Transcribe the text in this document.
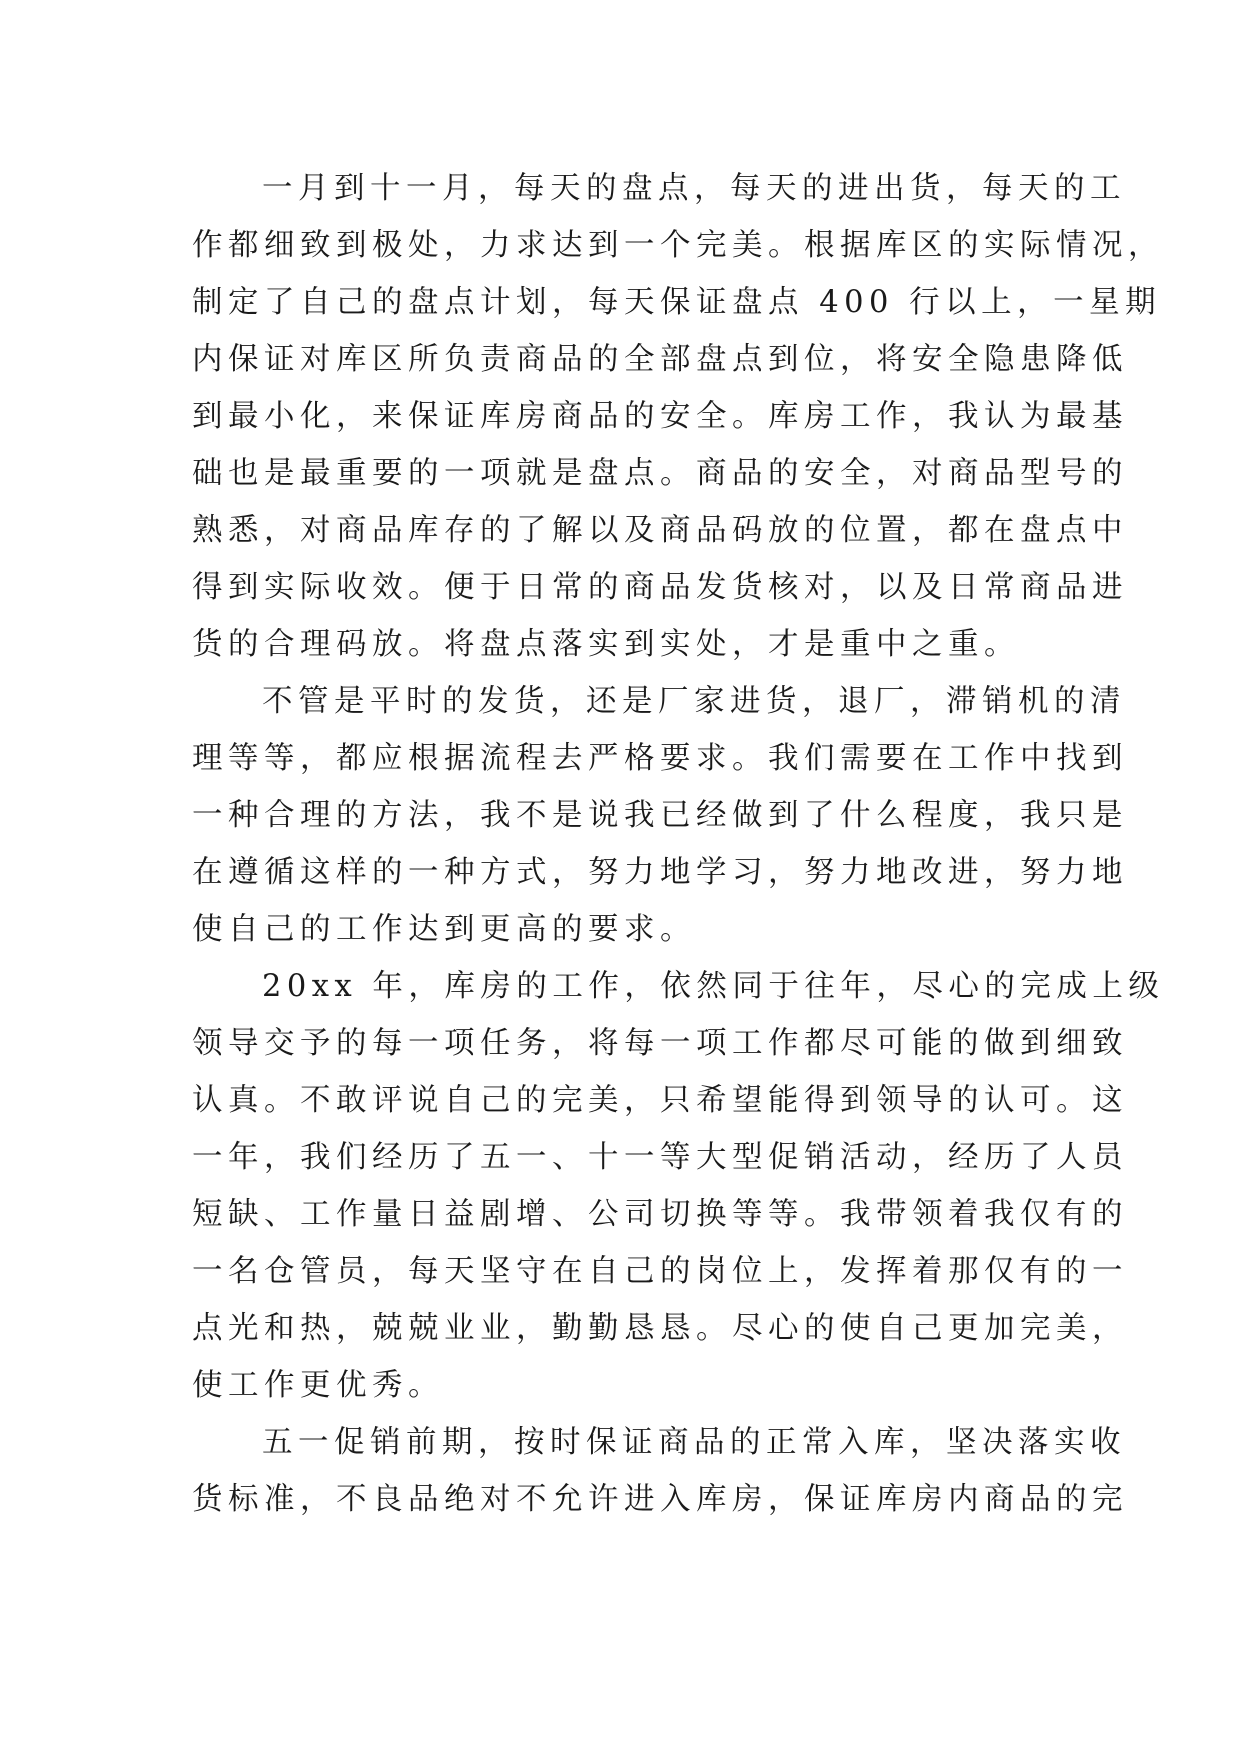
一月到十一月，每天的盘点，每天的进出货，每天的工
作都细致到极处，力求达到一个完美。根据库区的实际情况，
制定了自己的盘点计划，每天保证盘点 400 行以上，一星期
内保证对库区所负责商品的全部盘点到位，将安全隐患降低
到最小化，来保证库房商品的安全。库房工作，我认为最基
础也是最重要的一项就是盘点。商品的安全，对商品型号的
熟悉，对商品库存的了解以及商品码放的位置，都在盘点中
得到实际收效。便于日常的商品发货核对，以及日常商品进
货的合理码放。将盘点落实到实处，才是重中之重。
不管是平时的发货，还是厂家进货，退厂，滞销机的清
理等等，都应根据流程去严格要求。我们需要在工作中找到
一种合理的方法，我不是说我已经做到了什么程度，我只是
在遵循这样的一种方式，努力地学习，努力地改进，努力地
使自己的工作达到更高的要求。
20xx 年，库房的工作，依然同于往年，尽心的完成上级
领导交予的每一项任务，将每一项工作都尽可能的做到细致
认真。不敢评说自己的完美，只希望能得到领导的认可。这
一年，我们经历了五一、十一等大型促销活动，经历了人员
短缺、工作量日益剧增、公司切换等等。我带领着我仅有的
一名仓管员，每天坚守在自己的岗位上，发挥着那仅有的一
点光和热，兢兢业业，勤勤恳恳。尽心的使自己更加完美，
使工作更优秀。
五一促销前期，按时保证商品的正常入库，坚决落实收
货标准，不良品绝对不允许进入库房，保证库房内商品的完
